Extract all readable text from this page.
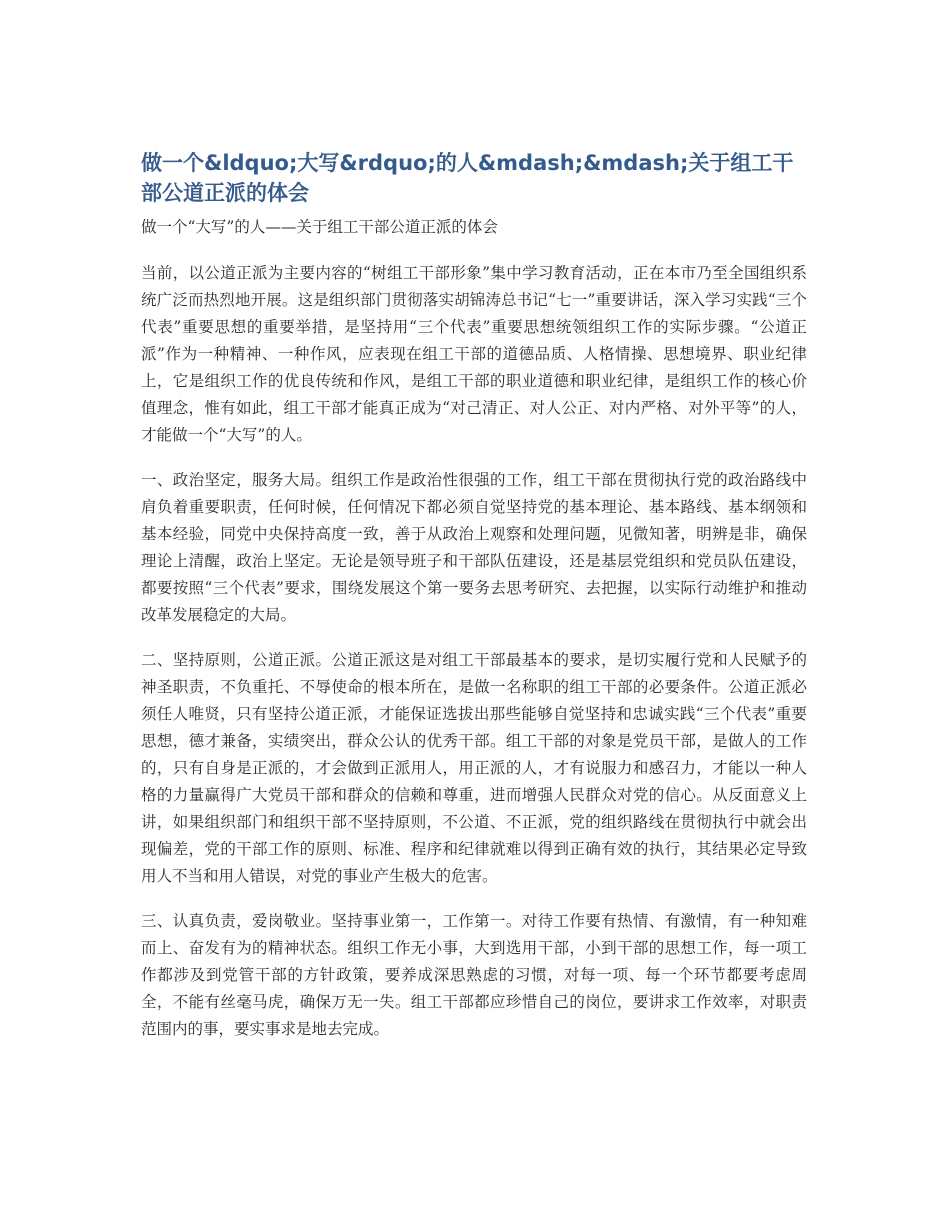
做一个&ldquo;大写&rdquo;的人&mdash;&mdash;关于组工干部公道正派的体会

做一个“大写”的人——关于组工干部公道正派的体会

当前，以公道正派为主要内容的“树组工干部形象”集中学习教育活动，正在本市乃至全国组织系统广泛而热烈地开展。这是组织部门贯彻落实胡锦涛总书记“七一”重要讲话，深入学习实践“三个代表”重要思想的重要举措，是坚持用“三个代表”重要思想统领组织工作的实际步骤。“公道正派”作为一种精神、一种作风，应表现在组工干部的道德品质、人格情操、思想境界、职业纪律上，它是组织工作的优良传统和作风，是组工干部的职业道德和职业纪律，是组织工作的核心价值理念，惟有如此，组工干部才能真正成为“对己清正、对人公正、对内严格、对外平等”的人，才能做一个“大写”的人。

一、政治坚定，服务大局。组织工作是政治性很强的工作，组工干部在贯彻执行党的政治路线中肩负着重要职责，任何时候，任何情况下都必须自觉坚持党的基本理论、基本路线、基本纲领和基本经验，同党中央保持高度一致，善于从政治上观察和处理问题，见微知著，明辨是非，确保理论上清醒，政治上坚定。无论是领导班子和干部队伍建设，还是基层党组织和党员队伍建设，都要按照“三个代表”要求，围绕发展这个第一要务去思考研究、去把握，以实际行动维护和推动改革发展稳定的大局。

二、坚持原则，公道正派。公道正派这是对组工干部最基本的要求，是切实履行党和人民赋予的神圣职责，不负重托、不辱使命的根本所在，是做一名称职的组工干部的必要条件。公道正派必须任人唯贤，只有坚持公道正派，才能保证选拔出那些能够自觉坚持和忠诚实践“三个代表”重要思想，德才兼备，实绩突出，群众公认的优秀干部。组工干部的对象是党员干部，是做人的工作的，只有自身是正派的，才会做到正派用人，用正派的人，才有说服力和感召力，才能以一种人格的力量赢得广大党员干部和群众的信赖和尊重，进而增强人民群众对党的信心。从反面意义上讲，如果组织部门和组织干部不坚持原则，不公道、不正派，党的组织路线在贯彻执行中就会出现偏差，党的干部工作的原则、标准、程序和纪律就难以得到正确有效的执行，其结果必定导致用人不当和用人错误，对党的事业产生极大的危害。

三、认真负责，爱岗敬业。坚持事业第一，工作第一。对待工作要有热情、有激情，有一种知难而上、奋发有为的精神状态。组织工作无小事，大到选用干部，小到干部的思想工作，每一项工作都涉及到党管干部的方针政策，要养成深思熟虑的习惯，对每一项、每一个环节都要考虑周全，不能有丝毫马虎，确保万无一失。组工干部都应珍惜自己的岗位，要讲求工作效率，对职责范围内的事，要实事求是地去完成。
